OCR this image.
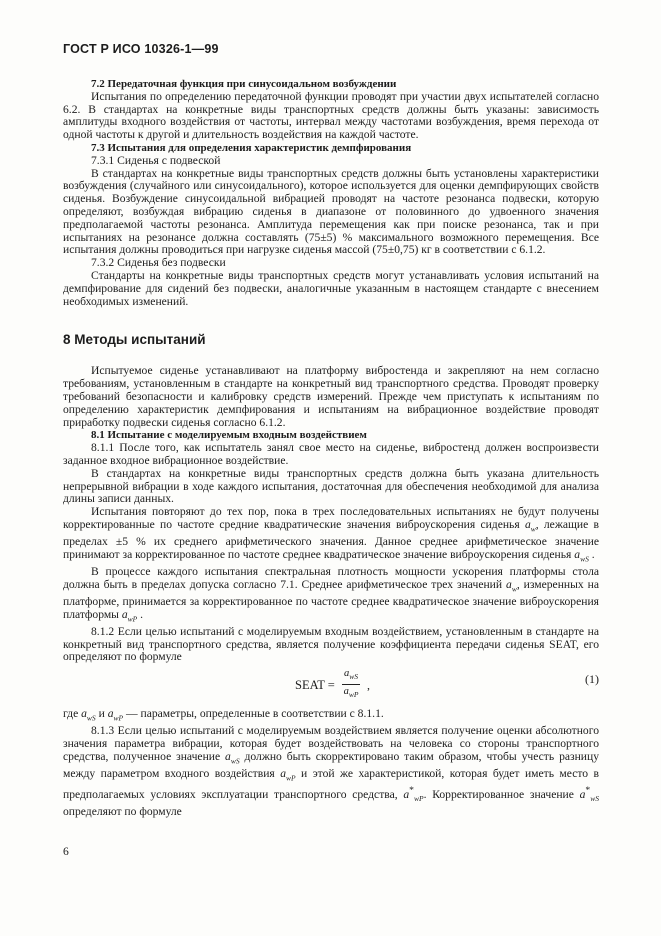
ГОСТ Р ИСО 10326-1—99

7.2 Передаточная функция при синусоидальном возбуждении

Испытания по определению передаточной функции проводят при участии двух испытателей согласно 6.2. В стандартах на конкретные виды транспортных средств должны быть указаны: зависимость амплитуды входного воздействия от частоты, интервал между частотами возбуждения, время перехода от одной частоты к другой и длительность воздействия на каждой частоте.

7.3 Испытания для определения характеристик демпфирования

7.3.1 Сиденья с подвеской

В стандартах на конкретные виды транспортных средств должны быть установлены характеристики возбуждения (случайного или синусоидального), которое используется для оценки демпфирующих свойств сиденья. Возбуждение синусоидальной вибрацией проводят на частоте резонанса подвески, которую определяют, возбуждая вибрацию сиденья в диапазоне от половинного до удвоенного значения предполагаемой частоты резонанса. Амплитуда перемещения как при поиске резонанса, так и при испытаниях на резонансе должна составлять (75±5) % максимального возможного перемещения. Все испытания должны проводиться при нагрузке сиденья массой (75±0,75) кг в соответствии с 6.1.2.

7.3.2 Сиденья без подвески

Стандарты на конкретные виды транспортных средств могут устанавливать условия испытаний на демпфирование для сидений без подвески, аналогичные указанным в настоящем стандарте с внесением необходимых изменений.

8 Методы испытаний

Испытуемое сиденье устанавливают на платформу вибростенда и закрепляют на нем согласно требованиям, установленным в стандарте на конкретный вид транспортного средства. Проводят проверку требований безопасности и калибровку средств измерений. Прежде чем приступать к испытаниям по определению характеристик демпфирования и испытаниям на вибрационное воздействие проводят приработку подвески сиденья согласно 6.1.2.

8.1 Испытание с моделируемым входным воздействием

8.1.1 После того, как испытатель занял свое место на сиденье, вибростенд должен воспроизвести заданное входное вибрационное воздействие.

В стандартах на конкретные виды транспортных средств должна быть указана длительность непрерывной вибрации в ходе каждого испытания, достаточная для обеспечения необходимой для анализа длины записи данных.

Испытания повторяют до тех пор, пока в трех последовательных испытаниях не будут получены корректированные по частоте средние квадратические значения виброускорения сиденья $a_w$, лежащие в пределах ±5 % их среднего арифметического значения. Данное среднее арифметическое значение принимают за корректированное по частоте среднее квадратическое значение виброускорения сиденья $a_{wS}$ .

В процессе каждого испытания спектральная плотность мощности ускорения платформы стола должна быть в пределах допуска согласно 7.1. Среднее арифметическое трех значений $a_w$, измеренных на платформе, принимается за корректированное по частоте среднее квадратическое значение виброускорения платформы $a_{wP}$ .

8.1.2 Если целью испытаний с моделируемым входным воздействием, установленным в стандарте на конкретный вид транспортного средства, является получение коэффициента передачи сиденья SEAT, его определяют по формуле

SEAT =
$a_{wS}$
$a_{wP}$
,	(1)

где $a_{wS}$ и $a_{wP}$ — параметры, определенные в соответствии с 8.1.1.

8.1.3 Если целью испытаний с моделируемым воздействием является получение оценки абсолютного значения параметра вибрации, которая будет воздействовать на человека со стороны транспортного средства, полученное значение $a_{wS}$ должно быть скорректировано таким образом, чтобы учесть разницу между параметром входного воздействия $a_{wP}$ и этой же характеристикой, которая будет иметь место в предполагаемых условиях эксплуатации транспортного средства, $a^*_{wP}$. Корректированное значение $a^*_{wS}$ определяют по формуле

6
